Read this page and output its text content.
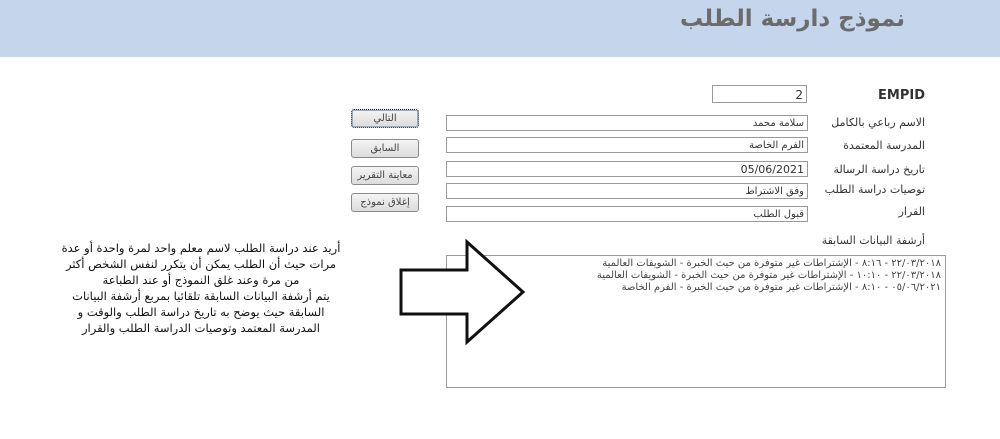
نموذج دارسة الطلب
EMPID
الاسم رباعي بالكامل
المدرسة المعتمدة
تاريخ دراسة الرسالة
توصيات دراسة الطلب
القرار
أرشفة البيانات السابقة
2
سلامة محمد
الفرم الخاصة
05/06/2021
وفق الاشتراط
قبول الطلب
التالي
السابق
معاينة التقرير
إغلاق نموذج
٢٢/٠٣/٢٠١٨ - ٨:١٦ - الإشتراطات غير متوفرة من حيث الخبرة - الشويفات العالمية
٢٢/٠٣/٢٠١٨ - ١٠:١٠ - الإشتراطات غير متوفرة من حيث الخبرة - الشويفات العالمية
٠٥/٠٦/٢٠٢١ - ٨:١٠ - الإشتراطات غير متوفرة من حيث الخبرة - الفرم الخاصة
أريد عند دراسة الطلب لاسم معلم واحد لمرة واحدة أو عدة
مرات حيث أن الطلب يمكن أن يتكرر لنفس الشخص أكثر
من مرة وعند غلق النموذج أو عند الطباعة
يتم أرشفة البيانات السابقة تلقائيا بمربع أرشفة البيانات
السابقة حيث يوضح به تاريخ دراسة الطلب والوقت و
المدرسة المعتمد وتوصيات الدراسة الطلب والقرار
